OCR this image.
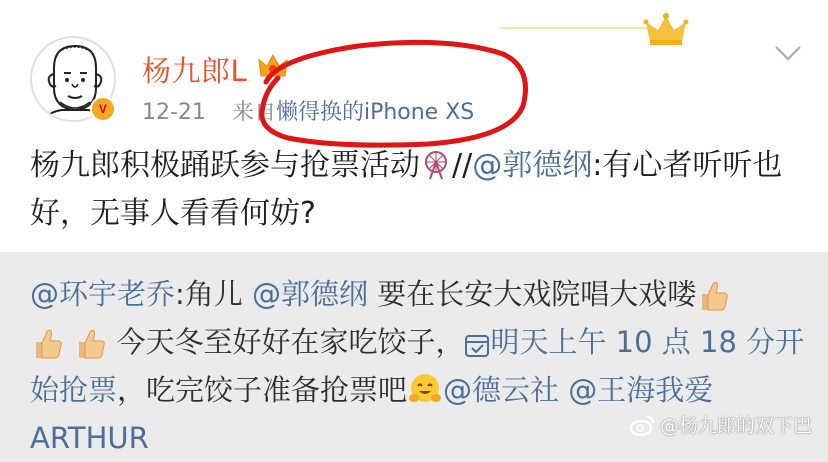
V
杨九郎L
12-21 来自懒得换的iPhone XS
杨九郎积极踊跃参与抢票活动 //@郭德纲:有心者听听也好，无事人看看何妨?
@环宇老乔:角儿 @郭德纲 要在长安大戏院唱大戏喽
今天冬至好好在家吃饺子， 明天上午 10 点 18 分开始抢票，吃完饺子准备抢票吧 @德云社 @王海我爱ARTHUR	@杨九郎的双下巴
